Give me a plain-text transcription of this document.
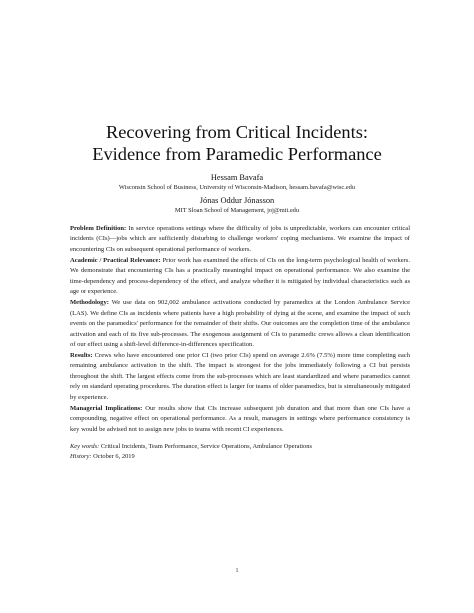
Recovering from Critical Incidents:
Evidence from Paramedic Performance
Hessam Bavafa
Wisconsin School of Business, University of Wisconsin-Madison, hessam.bavafa@wisc.edu
Jónas Oddur Jónasson
MIT Sloan School of Management, joj@mit.edu

Problem Definition: In service operations settings where the difficulty of jobs is unpredictable, workers can encounter critical incidents (CIs)—jobs which are sufficiently disturbing to challenge workers' coping mechanisms. We examine the impact of encountering CIs on subsequent operational performance of workers.

Academic / Practical Relevance: Prior work has examined the effects of CIs on the long-term psychological health of workers. We demonstrate that encountering CIs has a practically meaningful impact on operational performance. We also examine the time-dependency and process-dependency of the effect, and analyze whether it is mitigated by individual characteristics such as age or experience.

Methodology: We use data on 902,002 ambulance activations conducted by paramedics at the London Ambulance Service (LAS). We define CIs as incidents where patients have a high probability of dying at the scene, and examine the impact of such events on the paramedics' performance for the remainder of their shifts. Our outcomes are the completion time of the ambulance activation and each of its five sub-processes. The exogenous assignment of CIs to paramedic crews allows a clean identification of our effect using a shift-level difference-in-differences specification.

Results: Crews who have encountered one prior CI (two prior CIs) spend on average 2.6% (7.5%) more time completing each remaining ambulance activation in the shift. The impact is strongest for the jobs immediately following a CI but persists throughout the shift. The largest effects come from the sub-processes which are least standardized and where paramedics cannot rely on standard operating procedures. The duration effect is larger for teams of older paramedics, but is simultaneously mitigated by experience.

Managerial Implications: Our results show that CIs increase subsequent job duration and that more than one CIs have a compounding, negative effect on operational performance. As a result, managers in settings where performance consistency is key would be advised not to assign new jobs to teams with recent CI experiences.

Key words: Critical Incidents, Team Performance, Service Operations, Ambulance Operations
History: October 6, 2019
1
